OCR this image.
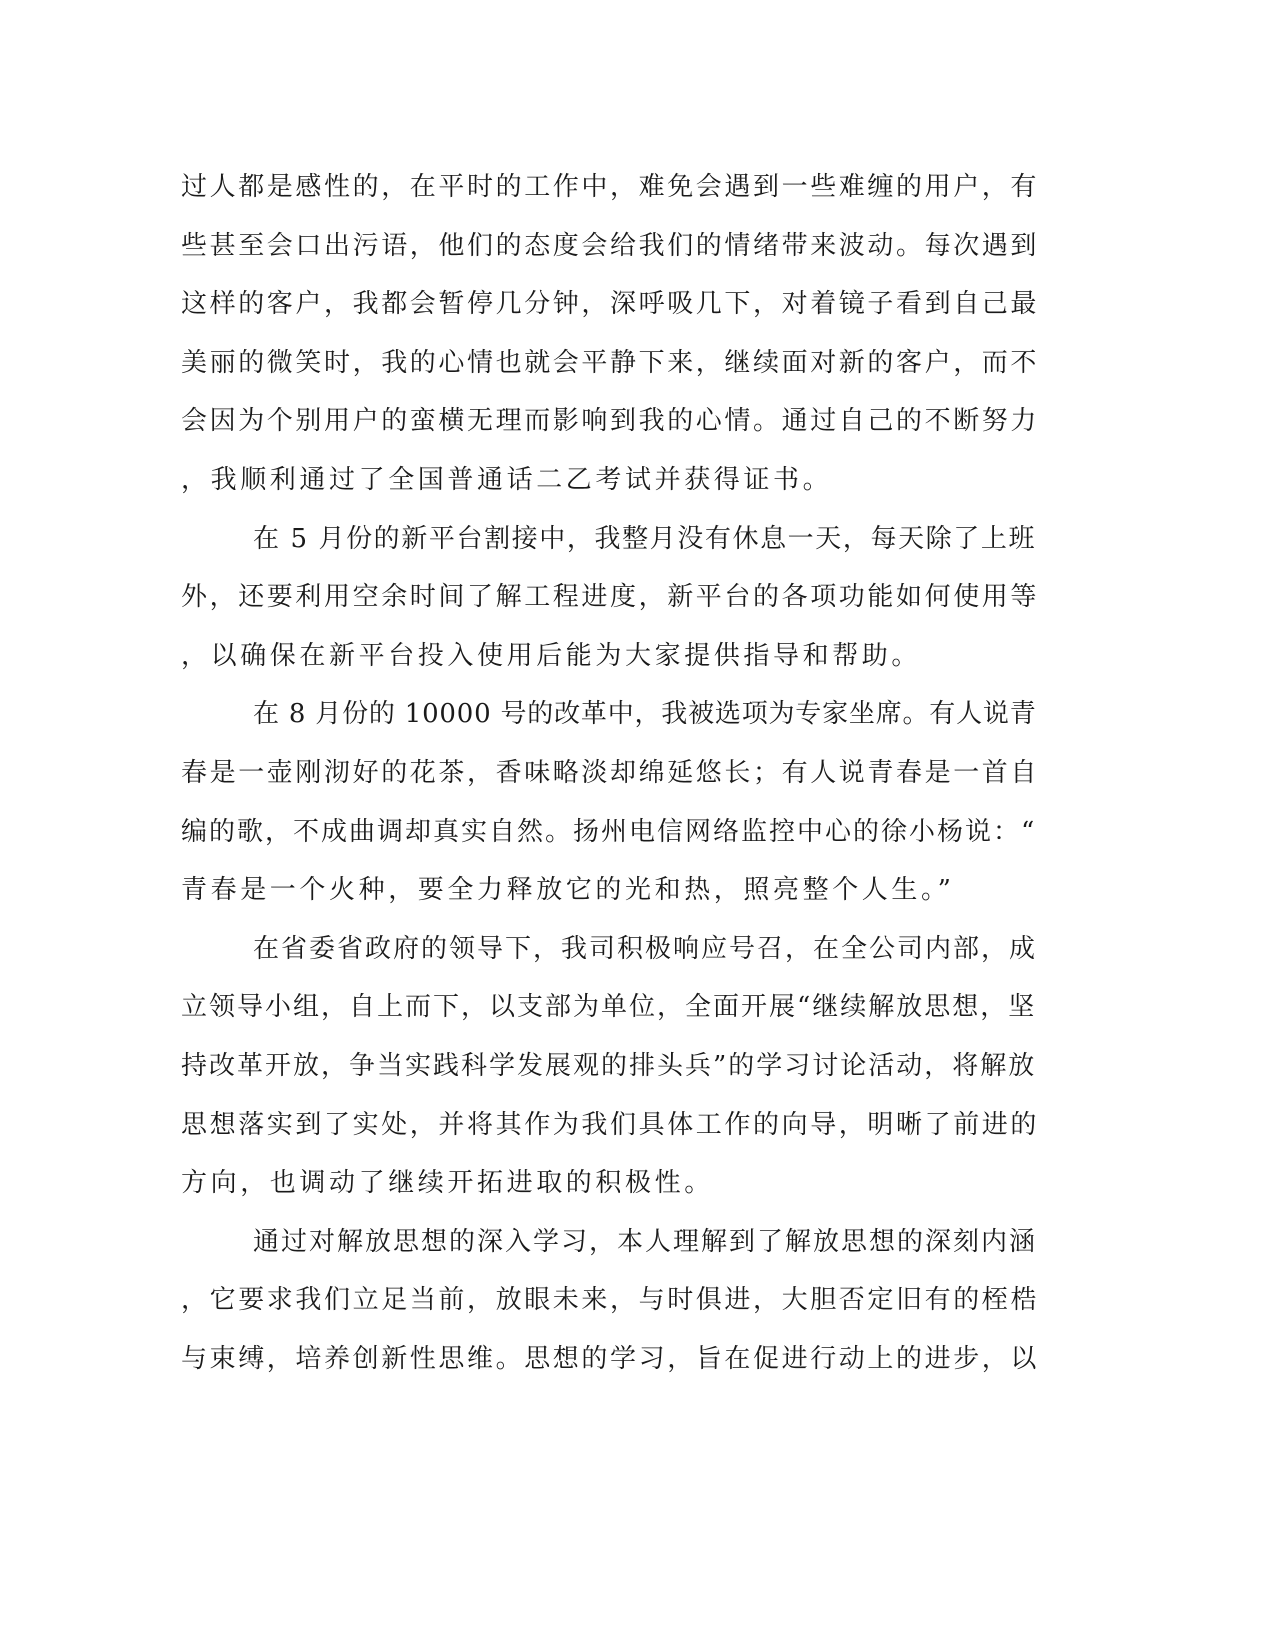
过人都是感性的，在平时的工作中，难免会遇到一些难缠的用户，有
些甚至会口出污语，他们的态度会给我们的情绪带来波动。每次遇到
这样的客户，我都会暂停几分钟，深呼吸几下，对着镜子看到自己最
美丽的微笑时，我的心情也就会平静下来，继续面对新的客户，而不
会因为个别用户的蛮横无理而影响到我的心情。通过自己的不断努力
，我顺利通过了全国普通话二乙考试并获得证书。
在 5 月份的新平台割接中，我整月没有休息一天，每天除了上班
外，还要利用空余时间了解工程进度，新平台的各项功能如何使用等
，以确保在新平台投入使用后能为大家提供指导和帮助。
在 8 月份的 10000 号的改革中，我被选项为专家坐席。有人说青
春是一壶刚沏好的花茶，香味略淡却绵延悠长；有人说青春是一首自
编的歌，不成曲调却真实自然。扬州电信网络监控中心的徐小杨说：“
青春是一个火种，要全力释放它的光和热，照亮整个人生。”
在省委省政府的领导下，我司积极响应号召，在全公司内部，成
立领导小组，自上而下，以支部为单位，全面开展“继续解放思想，坚
持改革开放，争当实践科学发展观的排头兵”的学习讨论活动，将解放
思想落实到了实处，并将其作为我们具体工作的向导，明晰了前进的
方向，也调动了继续开拓进取的积极性。
通过对解放思想的深入学习，本人理解到了解放思想的深刻内涵
，它要求我们立足当前，放眼未来，与时俱进，大胆否定旧有的桎梏
与束缚，培养创新性思维。思想的学习，旨在促进行动上的进步，以
